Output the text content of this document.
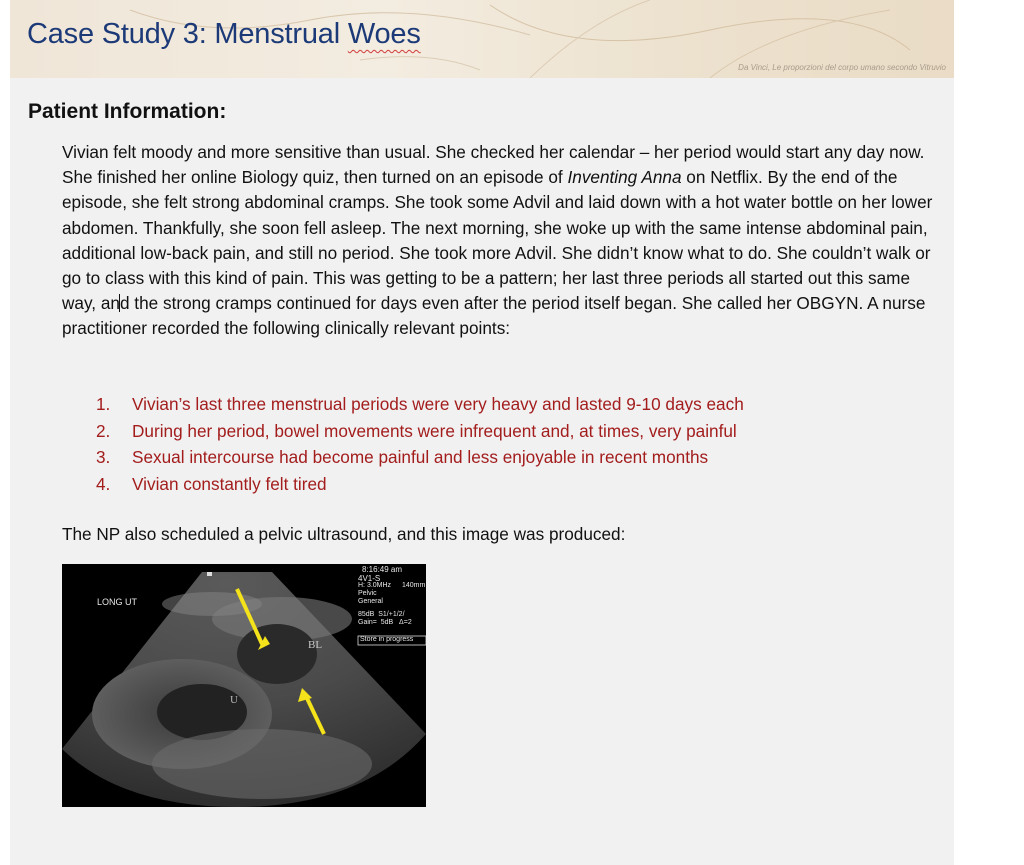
Case Study 3: Menstrual Woes
Da Vinci, Le proporzioni del corpo umano secondo Vitruvio
Patient Information:
Vivian felt moody and more sensitive than usual. She checked her calendar – her period would start any day now. She finished her online Biology quiz, then turned on an episode of Inventing Anna on Netflix. By the end of the episode, she felt strong abdominal cramps. She took some Advil and laid down with a hot water bottle on her lower abdomen. Thankfully, she soon fell asleep. The next morning, she woke up with the same intense abdominal pain, additional low-back pain, and still no period. She took more Advil. She didn’t know what to do. She couldn’t walk or go to class with this kind of pain. This was getting to be a pattern; her last three periods all started out this same way, and the strong cramps continued for days even after the period itself began. She called her OBGYN. A nurse practitioner recorded the following clinically relevant points:
1. Vivian’s last three menstrual periods were very heavy and lasted 9-10 days each
2. During her period, bowel movements were infrequent and, at times, very painful
3. Sexual intercourse had become painful and less enjoyable in recent months
4. Vivian constantly felt tired
The NP also scheduled a pelvic ultrasound, and this image was produced:
8:16:49 am
4V1-S
H: 3.0MHz 140mm
Pelvic
General
85dB  S1/+1/2/
Gain=  5dB   Δ=2
Store in progress
LONG UT
BL
U
